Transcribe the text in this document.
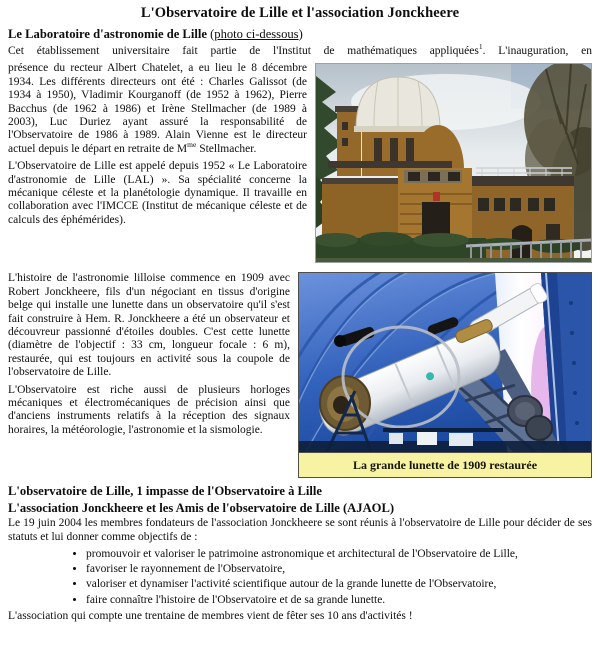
L'Observatoire de Lille et l'association Jonckheere
Le Laboratoire d'astronomie de Lille (photo ci-dessous)

Cet établissement universitaire fait partie de l'Institut de mathématiques appliquées$^1$. L'inauguration, en

présence du recteur Albert Chatelet, a eu lieu le 8 décembre 1934. Les différents directeurs ont été : Charles Galissot (de 1934 à 1950), Vladimir Kourganoff (de 1952 à 1962), Pierre Bacchus (de 1962 à 1986) et Irène Stellmacher (de 1989 à 2003), Luc Duriez ayant assuré la responsabilité de l'Observatoire de 1986 à 1989. Alain Vienne est le directeur actuel depuis le départ en retraite de M$^{me}$ Stellmacher.

L'Observatoire de Lille est appelé depuis 1952 « Le Laboratoire d'astronomie de Lille (LAL) ». Sa spécialité concerne la mécanique céleste et la planétologie dynamique. Il travaille en collaboration avec l'IMCCE (Institut de mécanique céleste et de calculs des éphémérides).

L'histoire de l'astronomie lilloise commence en 1909 avec Robert Jonckheere, fils d'un négociant en tissus d'origine belge qui installe une lunette dans un observatoire qu'il s'est fait construire à Hem. R. Jonckheere a été un observateur et découvreur passionné d'étoiles doubles. C'est cette lunette (diamètre de l'objectif : 33 cm, longueur focale : 6 m), restaurée, qui est toujours en activité sous la coupole de l'observatoire de Lille.

L'Observatoire est riche aussi de plusieurs horloges mécaniques et électromécaniques de précision ainsi que d'anciens instruments relatifs à la réception des signaux horaires, la météorologie, l'astronomie et la sismologie.

La grande lunette de 1909 restaurée
L'observatoire de Lille, 1 impasse de l'Observatoire à Lille
L'association Jonckheere et les Amis de l'observatoire de Lille (AJAOL)

Le 19 juin 2004 les membres fondateurs de l'association Jonckheere se sont réunis à l'observatoire de Lille pour décider de ses statuts et lui donner comme objectifs de :

• promouvoir et valoriser le patrimoine astronomique et architectural de l'Observatoire de Lille,
• favoriser le rayonnement de l'Observatoire,
• valoriser et dynamiser l'activité scientifique autour de la grande lunette de l'Observatoire,
• faire connaître l'histoire de l'Observatoire et de sa grande lunette.

L'association qui compte une trentaine de membres vient de fêter ses 10 ans d'activités !
